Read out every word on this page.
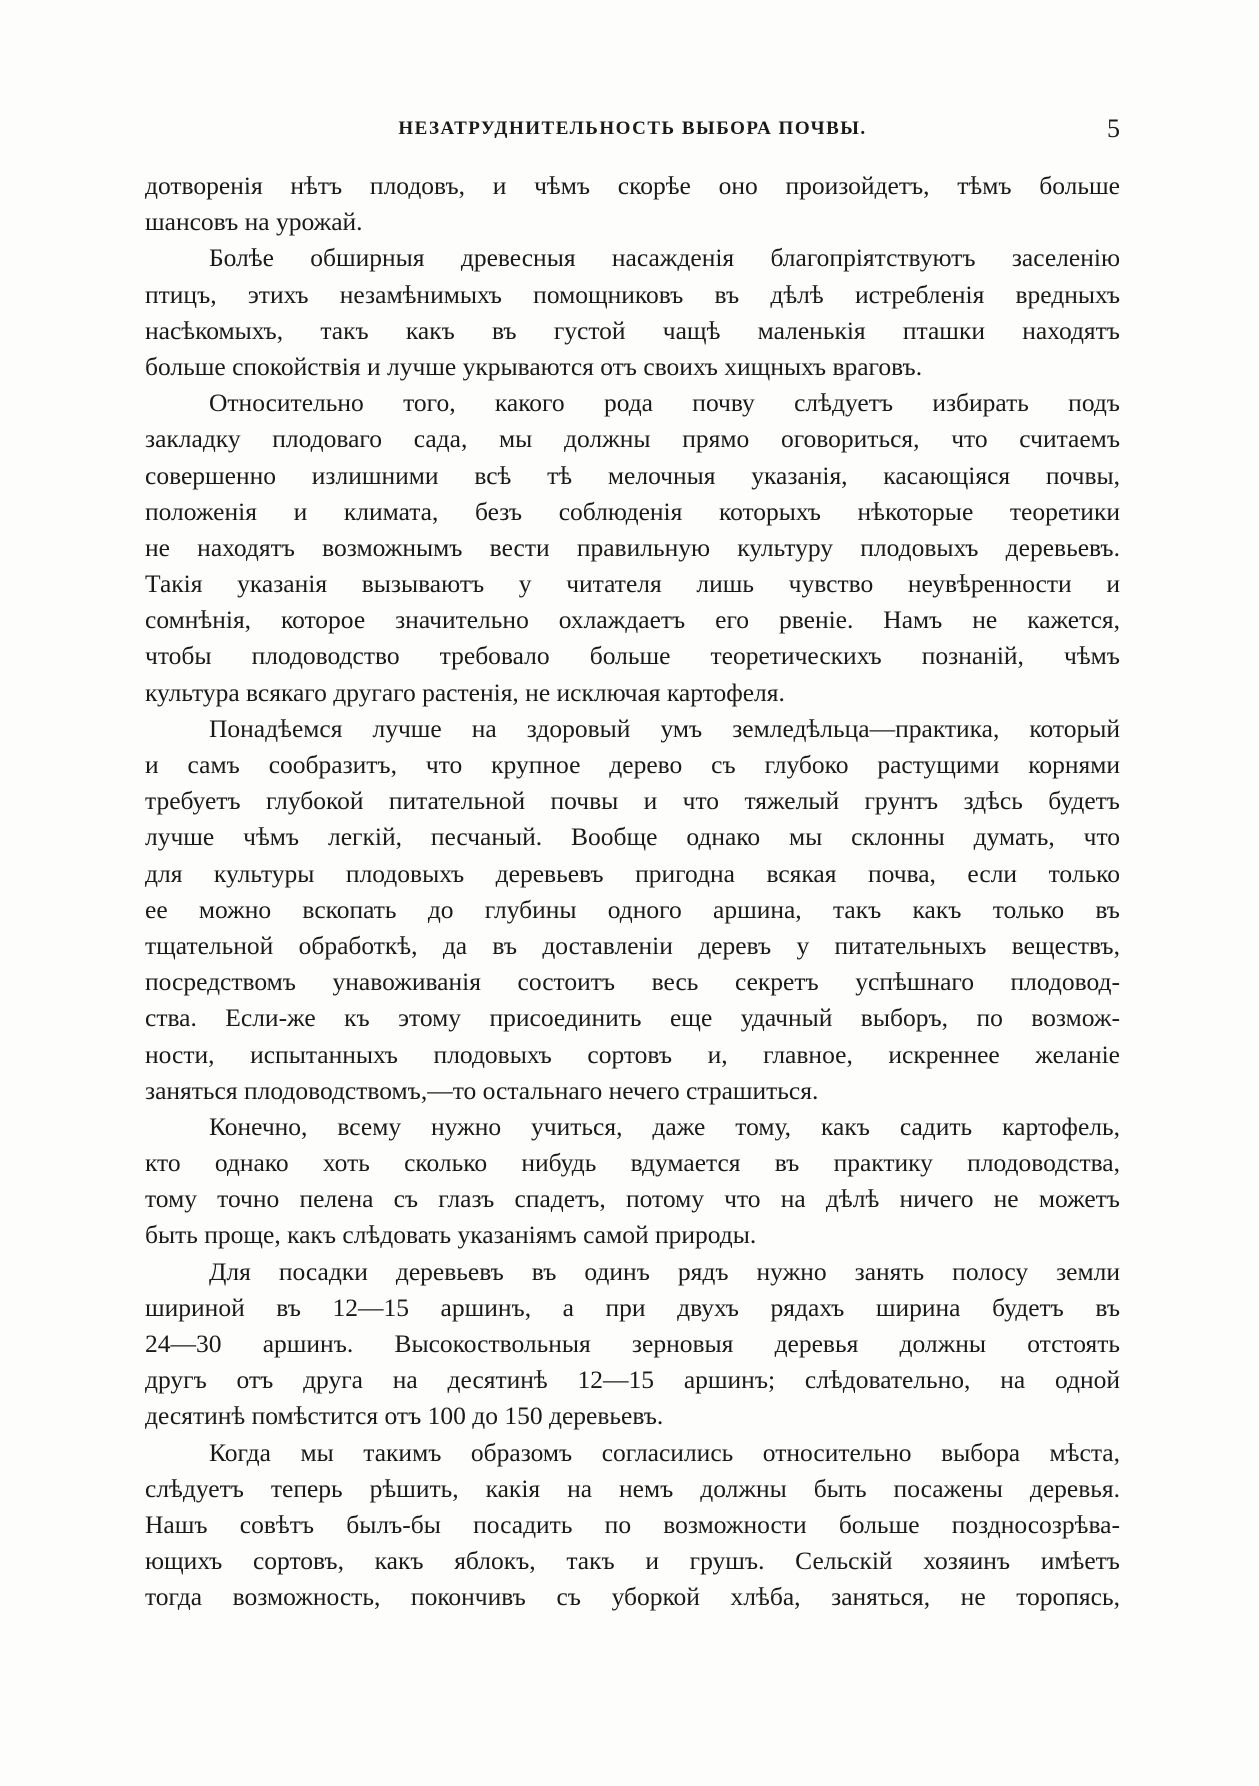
НЕЗАТРУДНИТЕЛЬНОСТЬ ВЫБОРА ПОЧВЫ.	5
дотворенія нѣтъ плодовъ, и чѣмъ скорѣе оно произойдетъ, тѣмъ больше
шансовъ на урожай.
Болѣе обширныя древесныя насажденія благопріятствуютъ заселенію
птицъ, этихъ незамѣнимыхъ помощниковъ въ дѣлѣ истребленія вредныхъ
насѣкомыхъ, такъ какъ въ густой чащѣ маленькія пташки находятъ
больше спокойствія и лучше укрываются отъ своихъ хищныхъ враговъ.
Относительно того, какого рода почву слѣдуетъ избирать подъ
закладку плодоваго сада, мы должны прямо оговориться, что считаемъ
совершенно излишними всѣ тѣ мелочныя указанія, касающіяся почвы,
положенія и климата, безъ соблюденія которыхъ нѣкоторые теоретики
не находятъ возможнымъ вести правильную культуру плодовыхъ деревьевъ.
Такія указанія вызываютъ у читателя лишь чувство неувѣренности и
сомнѣнія, которое значительно охлаждаетъ его рвеніе. Намъ не кажется,
чтобы плодоводство требовало больше теоретическихъ познаній, чѣмъ
культура всякаго другаго растенія, не исключая картофеля.
Понадѣемся лучше на здоровый умъ земледѣльца—практика, который
и самъ сообразитъ, что крупное дерево съ глубоко растущими корнями
требуетъ глубокой питательной почвы и что тяжелый грунтъ здѣсь будетъ
лучше чѣмъ легкій, песчаный. Вообще однако мы склонны думать, что
для культуры плодовыхъ деревьевъ пригодна всякая почва, если только
ее можно вскопать до глубины одного аршина, такъ какъ только въ
тщательной обработкѣ, да въ доставленіи деревъ у питательныхъ веществъ,
посредствомъ унавоживанія состоитъ весь секретъ успѣшнаго плодовод-
ства. Если-же къ этому присоединить еще удачный выборъ, по возмож-
ности, испытанныхъ плодовыхъ сортовъ и, главное, искреннее желаніе
заняться плодоводствомъ,—то остальнаго нечего страшиться.
Конечно, всему нужно учиться, даже тому, какъ садить картофель,
кто однако хоть сколько нибудь вдумается въ практику плодоводства,
тому точно пелена съ глазъ спадетъ, потому что на дѣлѣ ничего не можетъ
быть проще, какъ слѣдовать указаніямъ самой природы.
Для посадки деревьевъ въ одинъ рядъ нужно занять полосу земли
шириной въ 12—15 аршинъ, а при двухъ рядахъ ширина будетъ въ
24—30 аршинъ. Высокоствольныя зерновыя деревья должны отстоять
другъ отъ друга на десятинѣ 12—15 аршинъ; слѣдовательно, на одной
десятинѣ помѣстится отъ 100 до 150 деревьевъ.
Когда мы такимъ образомъ согласились относительно выбора мѣста,
слѣдуетъ теперь рѣшить, какія на немъ должны быть посажены деревья.
Нашъ совѣтъ былъ-бы посадить по возможности больше поздносозрѣва-
ющихъ сортовъ, какъ яблокъ, такъ и грушъ. Сельскій хозяинъ имѣетъ
тогда возможность, покончивъ съ уборкой хлѣба, заняться, не торопясь,
